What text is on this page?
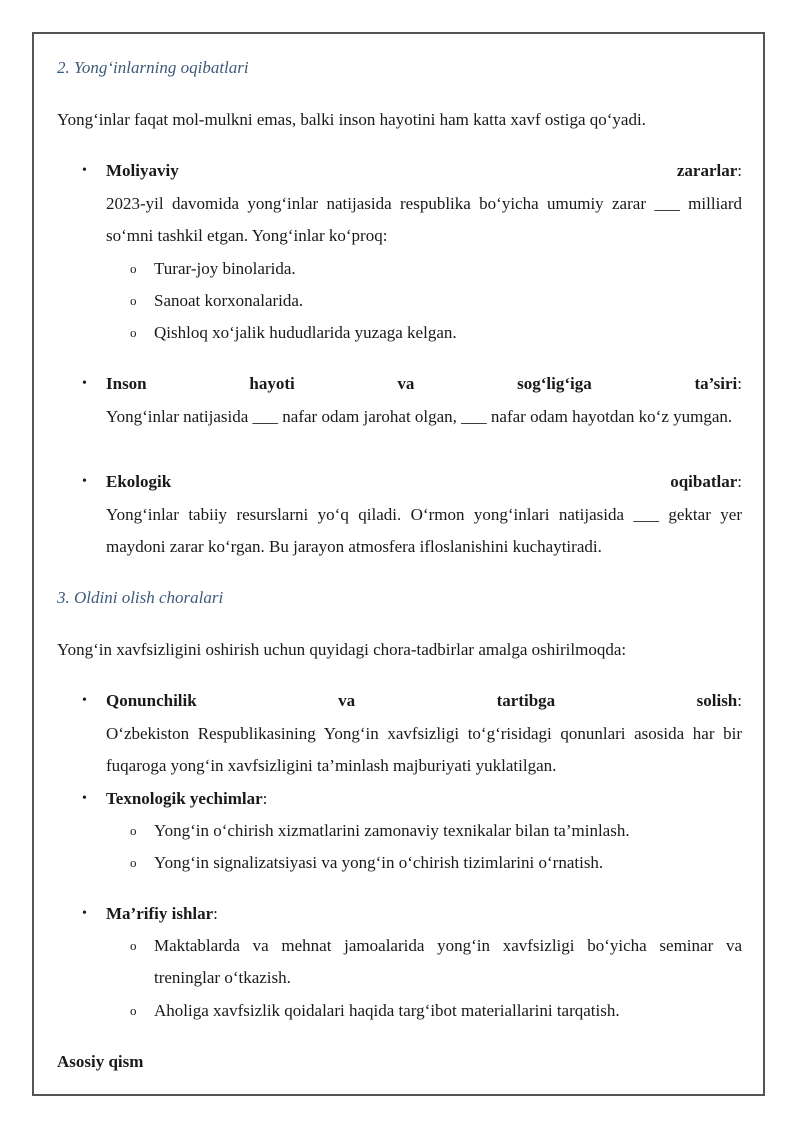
2. Yong‘inlarning oqibatlari
Yong‘inlar faqat mol-mulkni emas, balki inson hayotini ham katta xavf ostiga qo‘yadi.
• Moliyaviy zararlar:
2023-yil davomida yong‘inlar natijasida respublika bo‘yicha umumiy zarar ___ milliard so‘mni tashkil etgan. Yong‘inlar ko‘proq:
o Turar-joy binolarida.
o Sanoat korxonalarida.
o Qishloq xo‘jalik hududlarida yuzaga kelgan.
• Inson hayoti va sog‘lig‘iga ta’siri:
Yong‘inlar natijasida ___ nafar odam jarohat olgan, ___ nafar odam hayotdan ko‘z yumgan.
• Ekologik oqibatlar:
Yong‘inlar tabiiy resurslarni yo‘q qiladi. O‘rmon yong‘inlari natijasida ___ gektar yer maydoni zarar ko‘rgan. Bu jarayon atmosfera ifloslanishini kuchaytiradi.
3. Oldini olish choralari
Yong‘in xavfsizligini oshirish uchun quyidagi chora-tadbirlar amalga oshirilmoqda:
• Qonunchilik va tartibga solish:
O‘zbekiston Respublikasining Yong‘in xavfsizligi to‘g‘risidagi qonunlari asosida har bir fuqaroga yong‘in xavfsizligini ta’minlash majburiyati yuklatilgan.
• Texnologik yechimlar:
o Yong‘in o‘chirish xizmatlarini zamonaviy texnikalar bilan ta’minlash.
o Yong‘in signalizatsiyasi va yong‘in o‘chirish tizimlarini o‘rnatish.
• Ma’rifiy ishlar:
o Maktablarda va mehnat jamoalarida yong‘in xavfsizligi bo‘yicha seminar va treninglar o‘tkazish.
o Aholiga xavfsizlik qoidalari haqida targ‘ibot materiallarini tarqatish.
Asosiy qism
